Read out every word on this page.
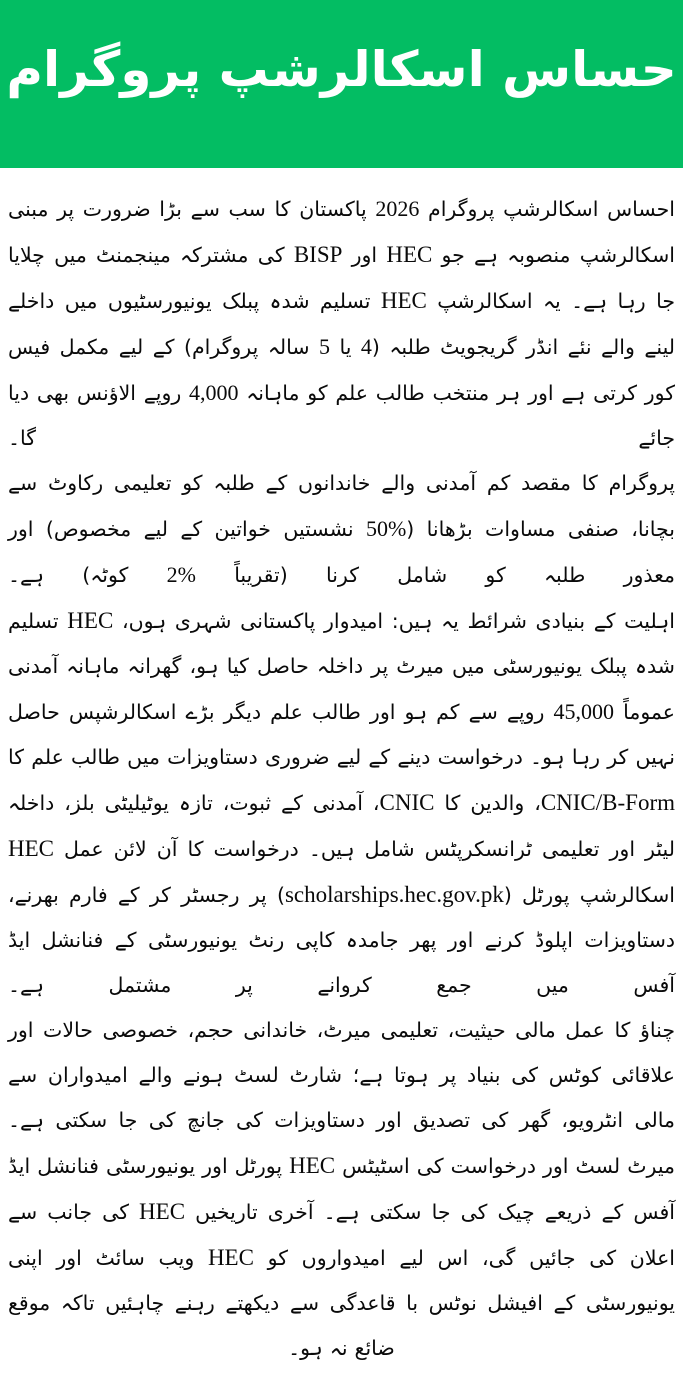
حساس اسکالرشپ پروگرام

احساس اسکالرشپ پروگرام 2026 پاکستان کا سب سے بڑا ضرورت پر مبنی اسکالرشپ منصوبہ ہے جو HEC اور BISP کی مشترکہ مینجمنٹ میں چلایا جا رہا ہے۔ یہ اسکالرشپ HEC تسلیم شدہ پبلک یونیورسٹیوں میں داخلے لینے والے نئے انڈر گریجویٹ طلبہ (4 یا 5 سالہ پروگرام) کے لیے مکمل فیس کور کرتی ہے اور ہر منتخب طالب علم کو ماہانہ 4,000 روپے الاؤنس بھی دیا جائے گا۔

پروگرام کا مقصد کم آمدنی والے خاندانوں کے طلبہ کو تعلیمی رکاوٹ سے بچانا، صنفی مساوات بڑھانا (50% نشستیں خواتین کے لیے مخصوص) اور معذور طلبہ کو شامل کرنا (تقریباً 2% کوٹہ) ہے۔

اہلیت کے بنیادی شرائط یہ ہیں: امیدوار پاکستانی شہری ہوں، HEC تسلیم شدہ پبلک یونیورسٹی میں میرٹ پر داخلہ حاصل کیا ہو، گھرانہ ماہانہ آمدنی عموماً 45,000 روپے سے کم ہو اور طالب علم دیگر بڑے اسکالرشپس حاصل نہیں کر رہا ہو۔ درخواست دینے کے لیے ضروری دستاویزات میں طالب علم کا CNIC/B-Form، والدین کا CNIC، آمدنی کے ثبوت، تازہ یوٹیلیٹی بلز، داخلہ لیٹر اور تعلیمی ٹرانسکرپٹس شامل ہیں۔ درخواست کا آن لائن عمل HEC اسکالرشپ پورٹل (scholarships.hec.gov.pk) پر رجسٹر کر کے فارم بھرنے، دستاویزات اپلوڈ کرنے اور پھر جامدہ کاپی رنٹ یونیورسٹی کے فنانشل ایڈ آفس میں جمع کروانے پر مشتمل ہے۔

چناؤ کا عمل مالی حیثیت، تعلیمی میرٹ، خاندانی حجم، خصوصی حالات اور علاقائی کوٹس کی بنیاد پر ہوتا ہے؛ شارٹ لسٹ ہونے والے امیدواران سے مالی انٹرویو، گھر کی تصدیق اور دستاویزات کی جانچ کی جا سکتی ہے۔ میرٹ لسٹ اور درخواست کی اسٹیٹس HEC پورٹل اور یونیورسٹی فنانشل ایڈ آفس کے ذریعے چیک کی جا سکتی ہے۔ آخری تاریخیں HEC کی جانب سے اعلان کی جائیں گی، اس لیے امیدواروں کو HEC ویب سائٹ اور اپنی یونیورسٹی کے افیشل نوٹس با قاعدگی سے دیکھتے رہنے چاہئیں تاکہ موقع ضائع نہ ہو۔
